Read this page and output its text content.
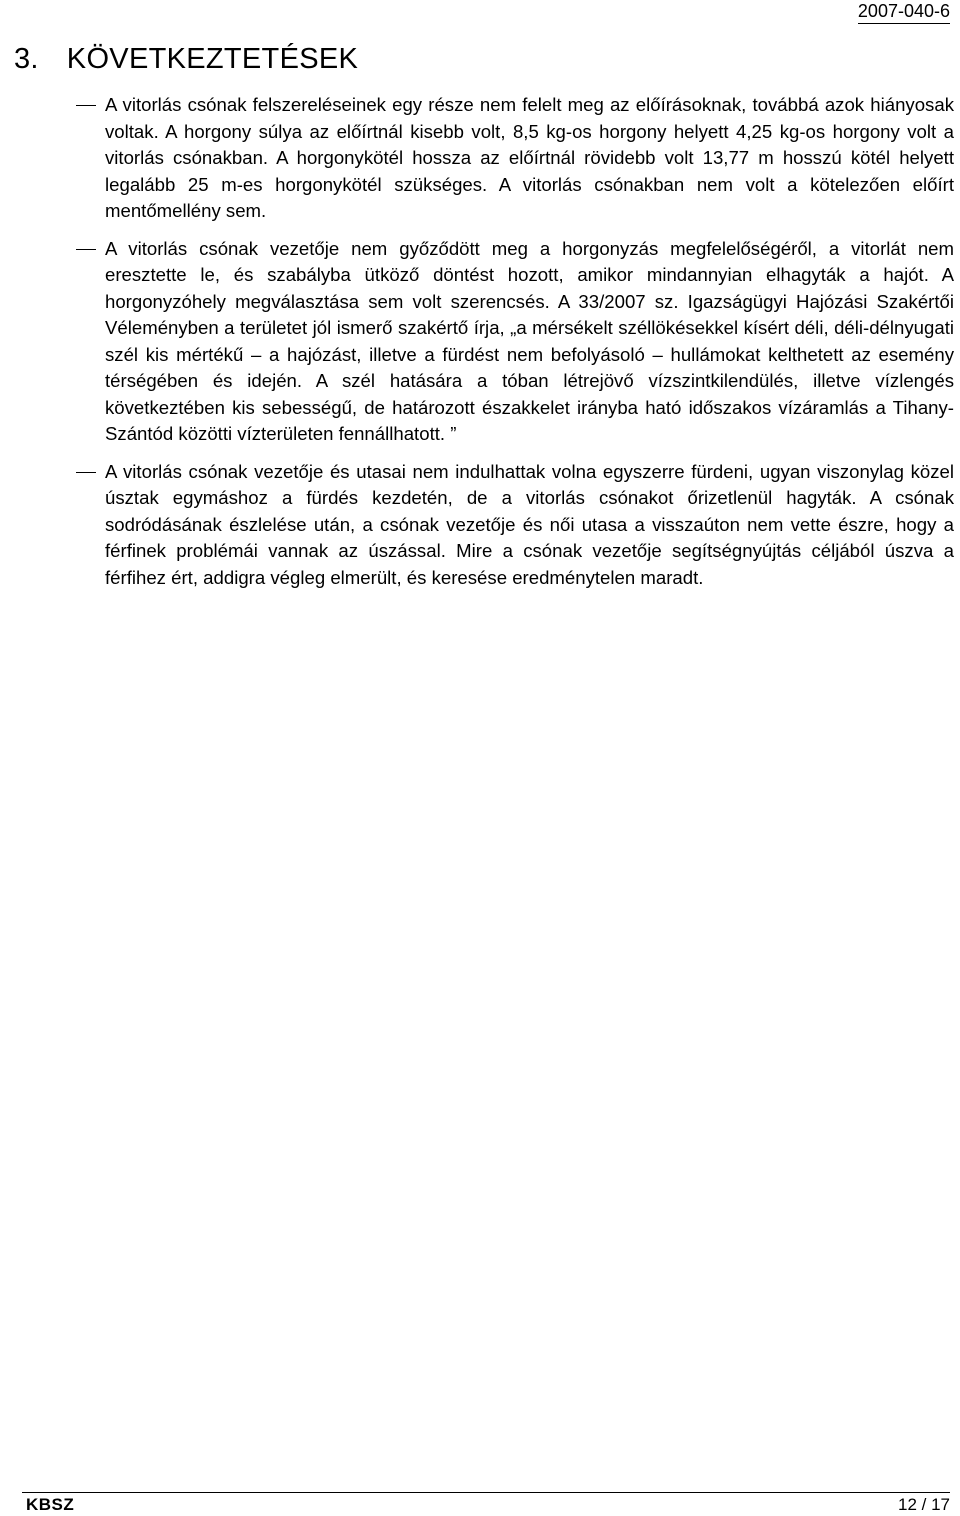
2007-040-6
3. KÖVETKEZTETÉSEK
A vitorlás csónak felszereléseinek egy része nem felelt meg az előírásoknak, továbbá azok hiányosak voltak. A horgony súlya az előírtnál kisebb volt, 8,5 kg-os horgony helyett 4,25 kg-os horgony volt a vitorlás csónakban. A horgonykötél hossza az előírtnál rövidebb volt 13,77 m hosszú kötél helyett legalább 25 m-es horgonykötél szükséges. A vitorlás csónakban nem volt a kötelezően előírt mentőmellény sem.
A vitorlás csónak vezetője nem győződött meg a horgonyzás megfelelőségéről, a vitorlát nem eresztette le, és szabályba ütköző döntést hozott, amikor mindannyian elhagyták a hajót. A horgonyzóhely megválasztása sem volt szerencsés. A 33/2007 sz. Igazságügyi Hajózási Szakértői Véleményben a területet jól ismerő szakértő írja, „a mérsékelt széllökésekkel kísért déli, déli-délnyugati szél kis mértékű – a hajózást, illetve a fürdést nem befolyásoló – hullámokat kelthetett az esemény térségében és idején. A szél hatására a tóban létrejövő vízszintkilendülés, illetve vízlengés következtében kis sebességű, de határozott északkelet irányba ható időszakos vízáramlás a Tihany-Szántód közötti vízterületen fennállhatott. ”
A vitorlás csónak vezetője és utasai nem indulhattak volna egyszerre fürdeni, ugyan viszonylag közel úsztak egymáshoz a fürdés kezdetén, de a vitorlás csónakot őrizetlenül hagyták. A csónak sodródásának észlelése után, a csónak vezetője és női utasa a visszaúton nem vette észre, hogy a férfinek problémái vannak az úszással. Mire a csónak vezetője segítségnyújtás céljából úszva a férfihez ért, addigra végleg elmerült, és keresése eredménytelen maradt.
KBSZ	12 / 17
